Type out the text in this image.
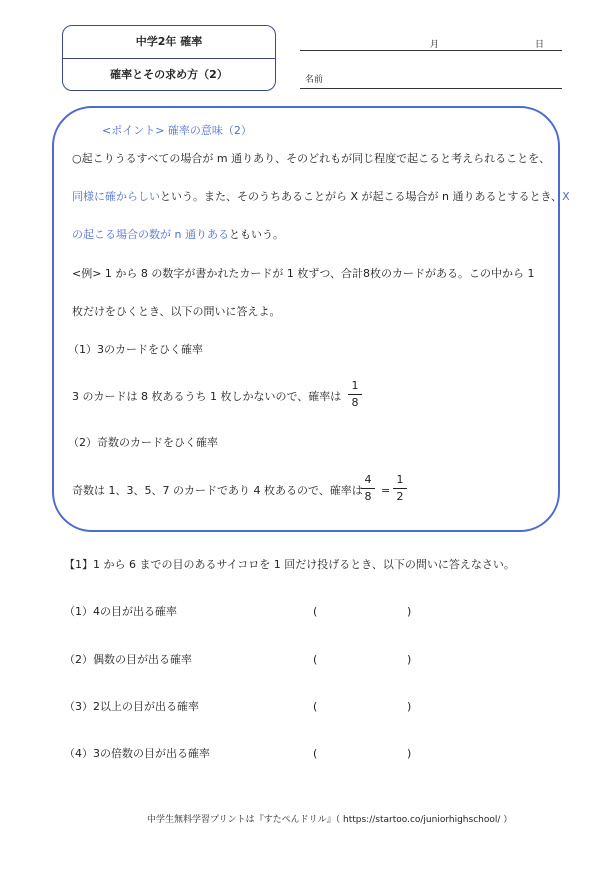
中学2年 確率
確率とその求め方（2）
月	日
名前
<ポイント> 確率の意味（2）
○起こりうるすべての場合が m 通りあり、そのどれもが同じ程度で起こると考えられることを、
同様に確からしいという。また、そのうちあることがら X が起こる場合が n 通りあるとするとき、X
の起こる場合の数が n 通りあるともいう。
<例> 1 から 8 の数字が書かれたカードが 1 枚ずつ、合計8枚のカードがある。この中から 1
枚だけをひくとき、以下の問いに答えよ。
（1）3のカードをひく確率
3 のカードは 8 枚あるうち 1 枚しかないので、確率は
1
8
（2）奇数のカードをひく確率
奇数は 1、3、5、7 のカードであり 4 枚あるので、確率は
4
8 =
1
2
【1】1 から 6 までの目のあるサイコロを 1 回だけ投げるとき、以下の問いに答えなさい。
（1）4の目が出る確率	(	)
（2）偶数の目が出る確率	(	)
（3）2以上の目が出る確率	(	)
（4）3の倍数の目が出る確率	(	)
中学生無料学習プリントは『すたぺんドリル』（ https://startoo.co/juniorhighschool/ ）
